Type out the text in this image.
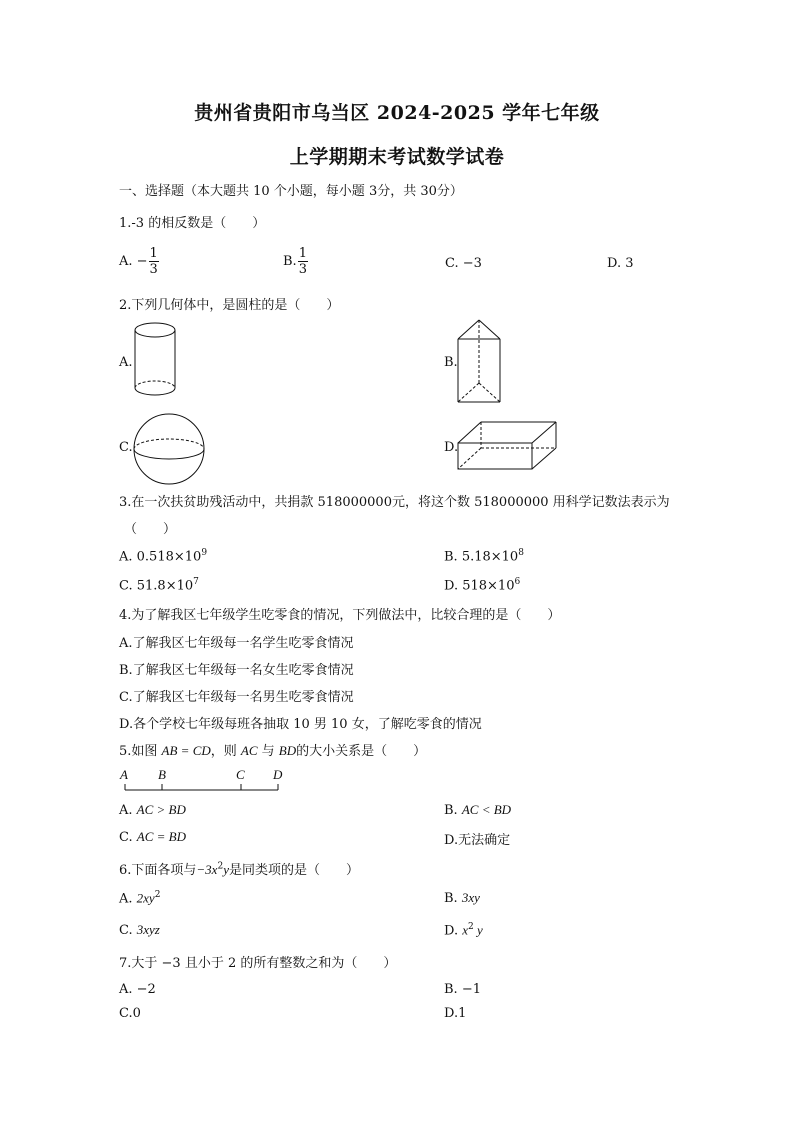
贵州省贵阳市乌当区 2024-2025 学年七年级
上学期期末考试数学试卷
一、选择题（本大题共 10 个小题，每小题 3分，共 30分）
1.-3 的相反数是（　　）
A. − $\frac{1}{3}$	B. $\frac{1}{3}$	C. −3	D. 3
2.下列几何体中，是圆柱的是（　　）
A.	B.
C.	D.
3.在一次扶贫助残活动中，共捐款 518000000元，将这个数 518000000 用科学记数法表示为
（　　）
A. $0.518\times 10^9$	B. $5.18\times 10^8$
C. $51.8\times 10^7$	D. $518\times 10^6$
4.为了解我区七年级学生吃零食的情况，下列做法中，比较合理的是（　　）
A.了解我区七年级每一名学生吃零食情况
B.了解我区七年级每一名女生吃零食情况
C.了解我区七年级每一名男生吃零食情况
D.各个学校七年级每班各抽取 10 男 10 女，了解吃零食的情况
5.如图 AB = CD，则 AC 与 BD的大小关系是（　　）
A B	C D
A. AC > BD	B. AC < BD
C. AC = BD	D.无法确定
6.下面各项与$-3x^2y$是同类项的是（　　）
A. $2xy^2$	B. 3xy
C. 3xyz	D. $x^2$ y
7.大于 −3 且小于 2 的所有整数之和为（　　）
A. −2	B. −1
C.0	D.1
